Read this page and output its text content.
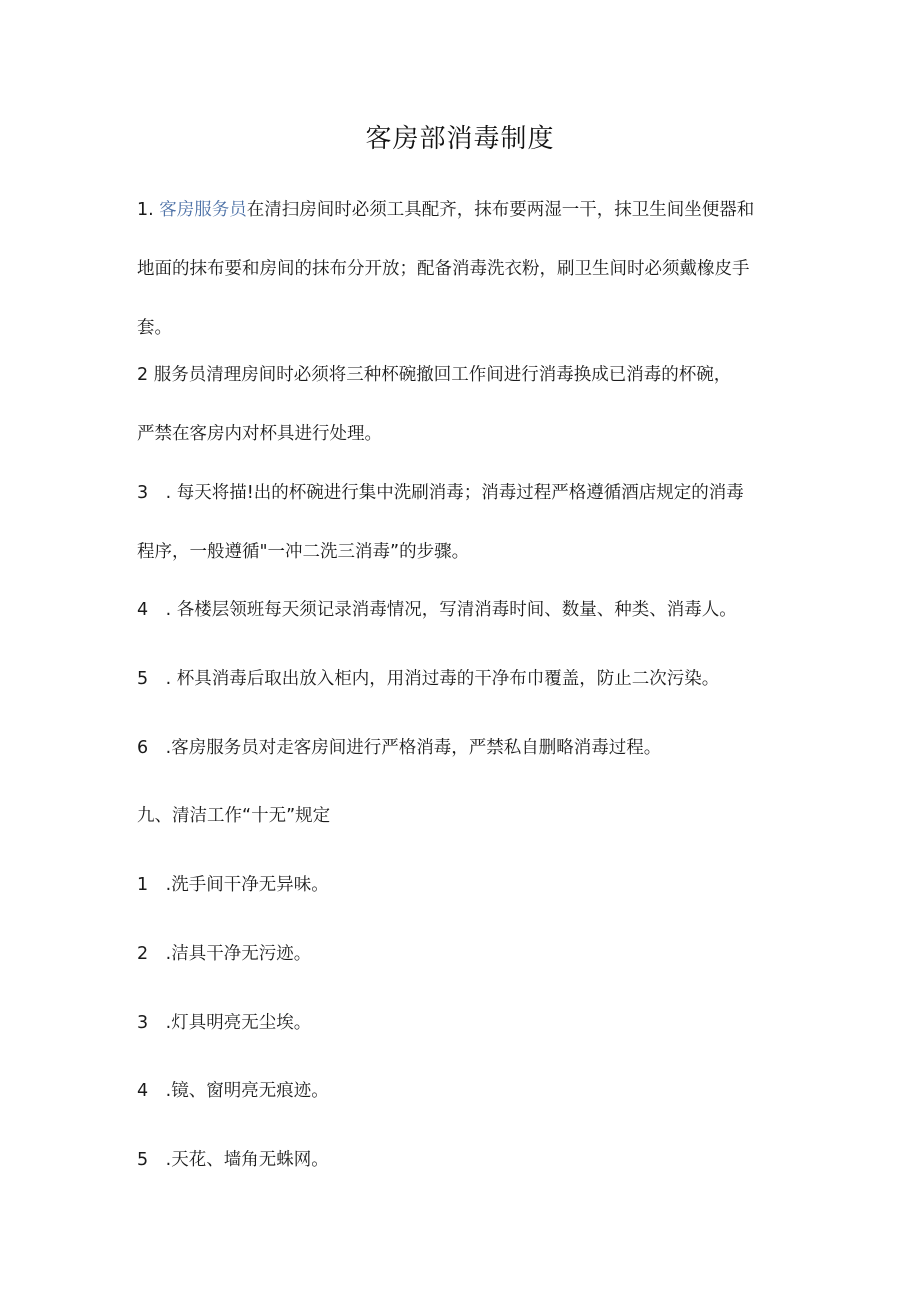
客房部消毒制度
1. 客房服务员在清扫房间时必须工具配齐，抹布要两湿一干，抹卫生间坐便器和
地面的抹布要和房间的抹布分开放；配备消毒洗衣粉，刷卫生间时必须戴橡皮手
套。
2 服务员清理房间时必须将三种杯碗撤回工作间进行消毒换成已消毒的杯碗，
严禁在客房内对杯具进行处理。
3　. 每天将描!出的杯碗进行集中洗刷消毒；消毒过程严格遵循酒店规定的消毒
程序，一般遵循"一冲二洗三消毒”的步骤。
4　. 各楼层领班每天须记录消毒情况，写清消毒时间、数量、种类、消毒人。
5　. 杯具消毒后取出放入柜内，用消过毒的干净布巾覆盖，防止二次污染。
6　.客房服务员对走客房间进行严格消毒，严禁私自删略消毒过程。
九、清洁工作“十无”规定
1　.洗手间干净无异味。
2　.洁具干净无污迹。
3　.灯具明亮无尘埃。
4　.镜、窗明亮无痕迹。
5　.天花、墙角无蛛网。
